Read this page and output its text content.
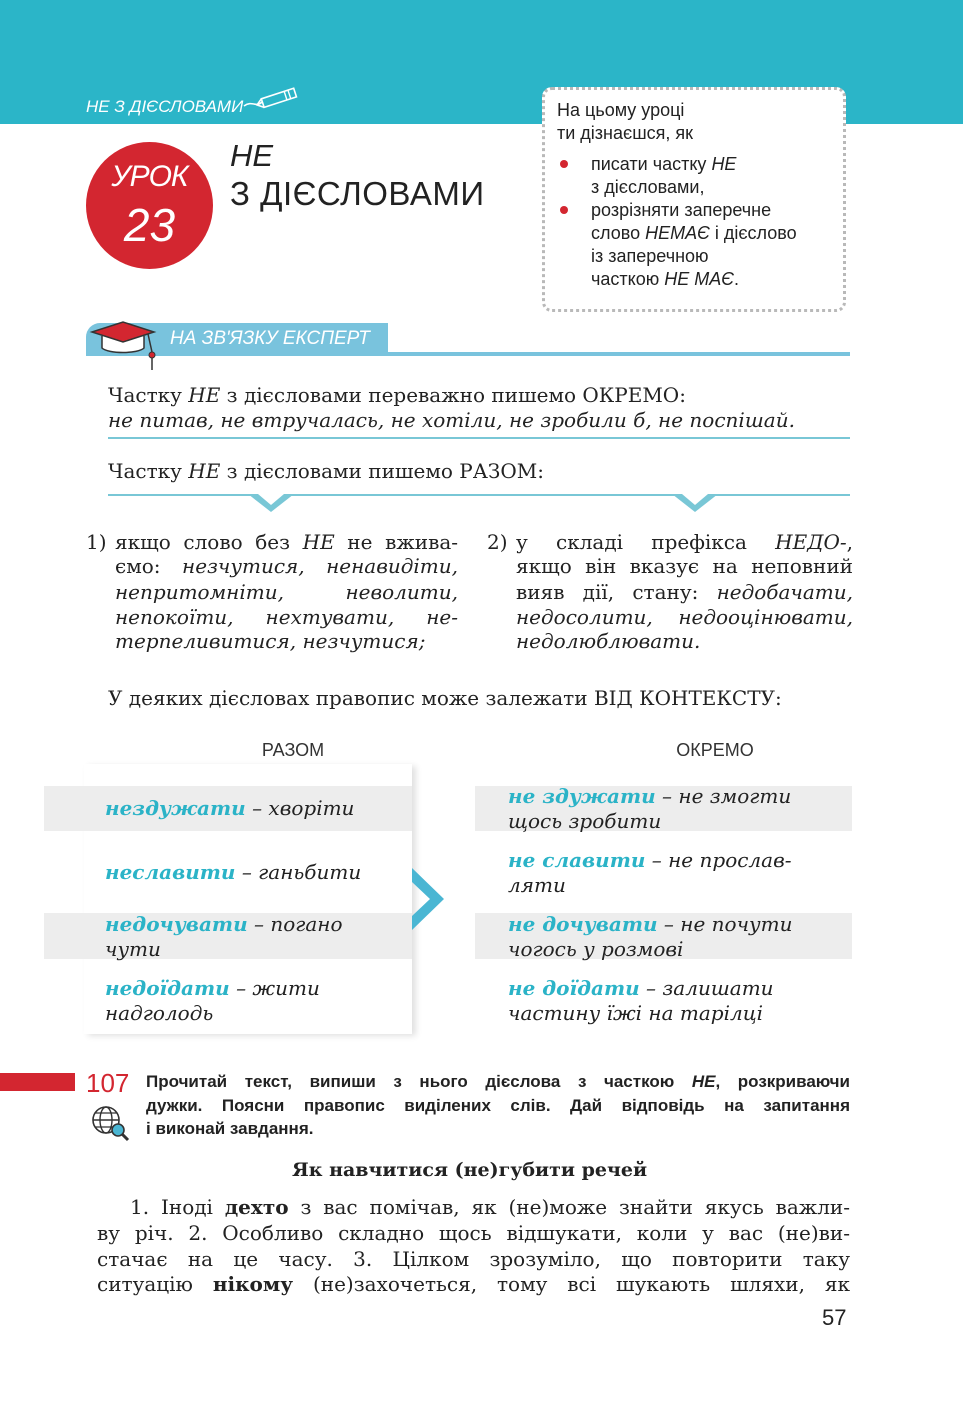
НЕ З ДІЄСЛОВАМИ
УРОК
23
НЕ
З ДІЄСЛОВАМИ
На цьому уроці
ти дізнаєшся, як
писати частку НЕ
з дієсловами,
розрізняти заперечне
слово НЕМАЄ і дієслово
із заперечною
часткою НЕ МАЄ.
НА ЗВ'ЯЗКУ ЕКСПЕРТ
Частку НЕ з дієсловами переважно пишемо ОКРЕМО:
не питав, не втручалась, не хотіли, не зробили б, не поспішай.
Частку НЕ з дієсловами пишемо РАЗОМ:
1) якщо слово без НЕ не вжива-
ємо: незчутися, ненавидіти,
непритомніти, неволити,
непокоїти, нехтувати, не-
терпеливитися, незчутися;
2) у складі префікса НЕДО-,
якщо він вказує на неповний
вияв дії, стану: недобачати,
недосолити, недооцінювати,
недолюблювати.
У деяких дієсловах правопис може залежати ВІД КОНТЕКСТУ:
РАЗОМ	ОКРЕМО
нездужати – хворіти
неславити – ганьбити
недочувати – погано
чути
недоїдати – жити
надголодь
не здужати – не змогти
щось зробити
не славити – не прослав-
ляти
не дочувати – не почути
чогось у розмові
не доїдати – залишати
частину їжі на тарілці
107 Прочитай текст, випиши з нього дієслова з часткою НЕ, розкриваючи
дужки. Поясни правопис виділених слів. Дай відповідь на запитання
і виконай завдання.
Як навчитися (не)губити речей
1. Іноді дехто з вас помічав, як (не)може знайти якусь важли-
ву річ. 2. Особливо складно щось відшукати, коли у вас (не)ви-
стачає на це часу. 3. Цілком зрозуміло, що повторити таку
ситуацію нікому (не)захочеться, тому всі шукають шляхи, як
57
